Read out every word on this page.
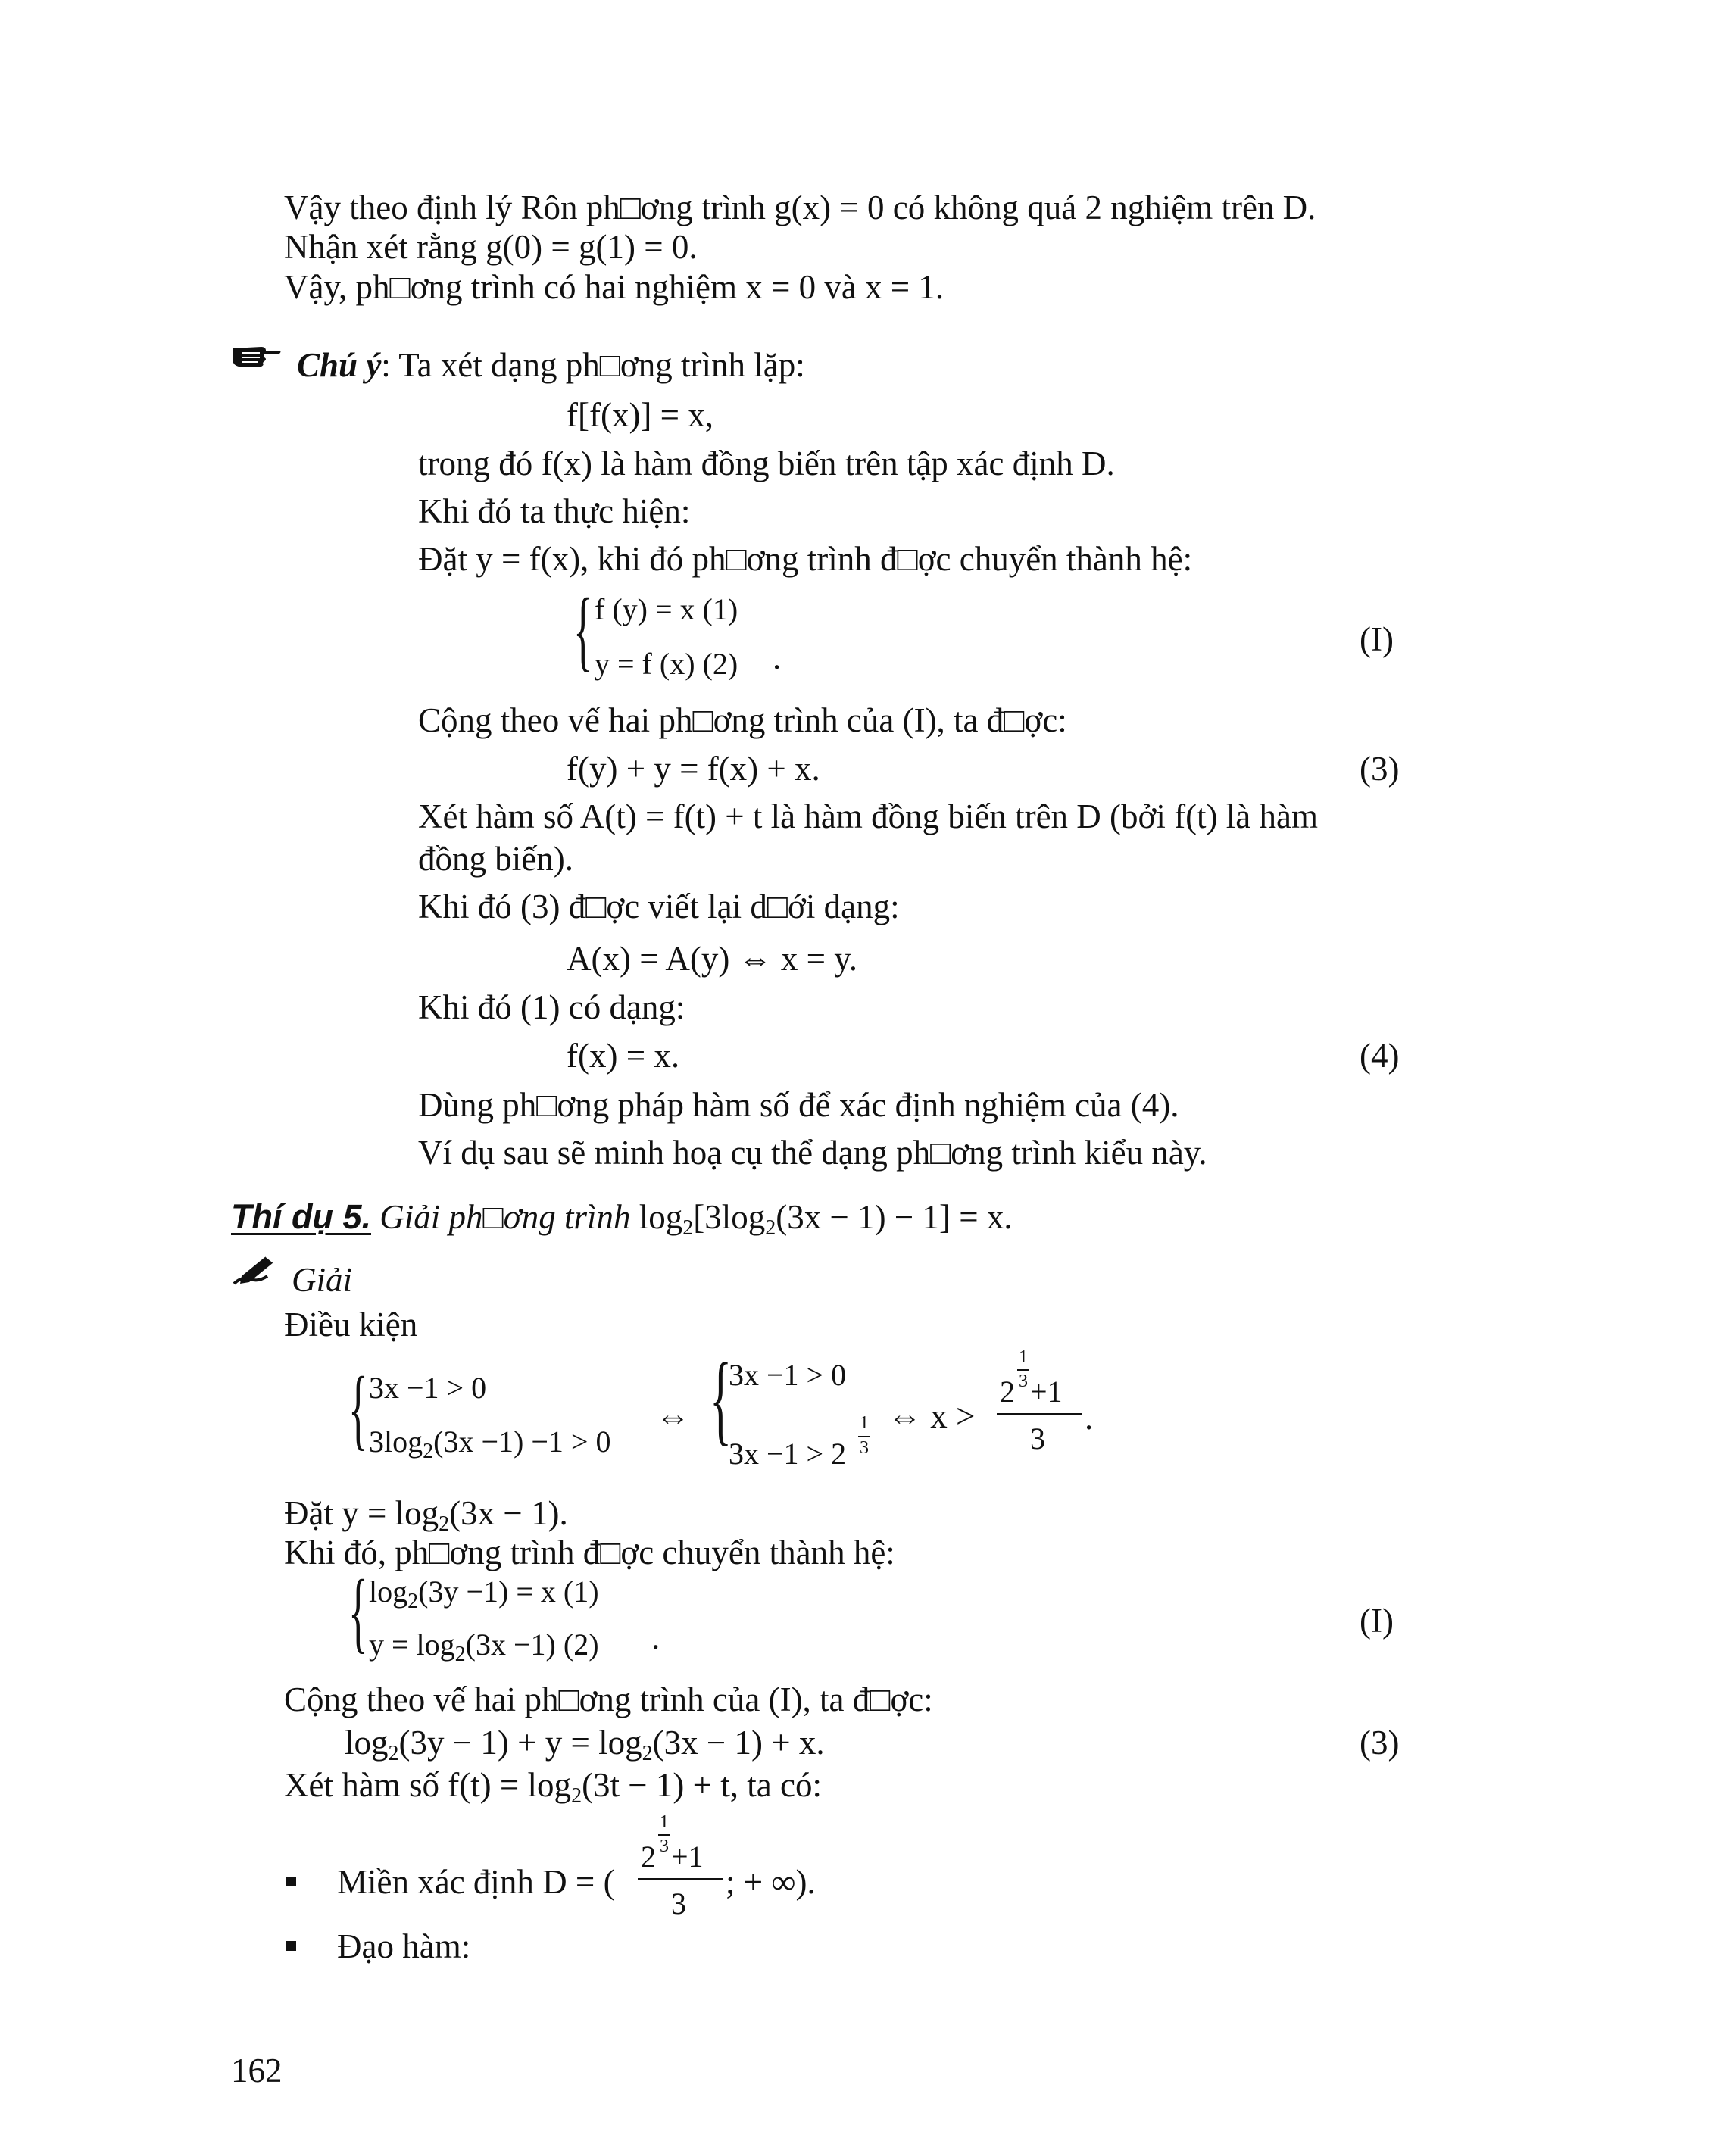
Vậy theo định lý Rôn ph□ơng trình g(x) = 0 có không quá 2 nghiệm trên D.
Nhận xét rằng g(0) = g(1) = 0.
Vậy, ph□ơng trình có hai nghiệm x = 0 và x = 1.
Chú ý: Ta xét dạng ph□ơng trình lặp:
f[f(x)] = x,
trong đó f(x) là hàm đồng biến trên tập xác định D.
Khi đó ta thực hiện:
Đặt y = f(x), khi đó ph□ơng trình đ□ợc chuyển thành hệ:
{ f (y) = x (1)
y = f (x) (2) .	(I)
Cộng theo vế hai ph□ơng trình của (I), ta đ□ợc:
f(y) + y = f(x) + x.	(3)
Xét hàm số A(t) = f(t) + t là hàm đồng biến trên D (bởi f(t) là hàm
đồng biến).
Khi đó (3) đ□ợc viết lại d□ới dạng:
A(x) = A(y) ⇔ x = y.
Khi đó (1) có dạng:
f(x) = x.	(4)
Dùng ph□ơng pháp hàm số để xác định nghiệm của (4).
Ví dụ sau sẽ minh hoạ cụ thể dạng ph□ơng trình kiểu này.
Thí dụ 5. Giải ph□ơng trình $\log_2[3\log_2(3x - 1) - 1] = x$.
Giải
Điều kiện
{ 3x −1 > 0
$3\log_2(3x -1) -1 > 0$
⇔ {
3x −1 > 0
3x −1 > 2
1
3
⇔ x >
2
1
3 +1
3
.
Đặt $y = \log_2(3x - 1)$.
Khi đó, ph□ơng trình đ□ợc chuyển thành hệ:
{ $\log_2(3y -1) = x$ (1)
$y = \log_2(3x -1)$ (2) .	(I)
Cộng theo vế hai ph□ơng trình của (I), ta đ□ợc:
$\log_2(3y - 1) + y = \log_2(3x - 1) + x$.	(3)
Xét hàm số $f(t) = \log_2(3t - 1) + t$, ta có:
Miền xác định D = (
2
1
3 +1
3
; + ∞).
Đạo hàm:
162
